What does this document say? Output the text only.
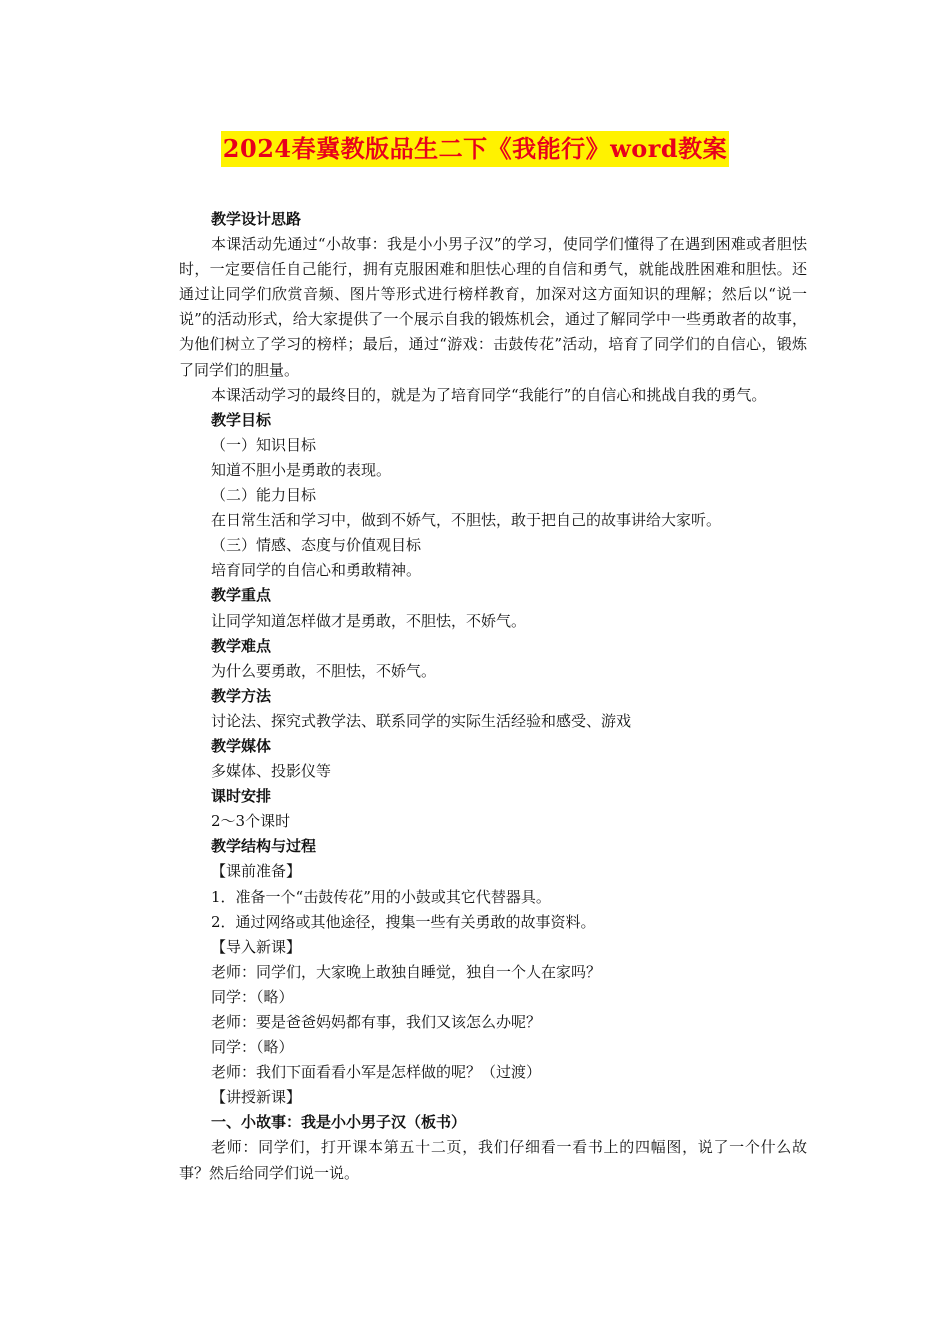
2024春冀教版品生二下《我能行》word教案

教学设计思路

本课活动先通过“小故事：我是小小男子汉”的学习，使同学们懂得了在遇到困难或者胆怯时，一定要信任自己能行，拥有克服困难和胆怯心理的自信和勇气，就能战胜困难和胆怯。还通过让同学们欣赏音频、图片等形式进行榜样教育，加深对这方面知识的理解；然后以“说一说”的活动形式，给大家提供了一个展示自我的锻炼机会，通过了解同学中一些勇敢者的故事，为他们树立了学习的榜样；最后，通过“游戏：击鼓传花”活动，培育了同学们的自信心，锻炼了同学们的胆量。

本课活动学习的最终目的，就是为了培育同学“我能行”的自信心和挑战自我的勇气。

教学目标

（一）知识目标

知道不胆小是勇敢的表现。

（二）能力目标

在日常生活和学习中，做到不娇气，不胆怯，敢于把自己的故事讲给大家听。

（三）情感、态度与价值观目标

培育同学的自信心和勇敢精神。

教学重点

让同学知道怎样做才是勇敢，不胆怯，不娇气。

教学难点

为什么要勇敢，不胆怯，不娇气。

教学方法

讨论法、探究式教学法、联系同学的实际生活经验和感受、游戏

教学媒体

多媒体、投影仪等

课时安排

2～3个课时

教学结构与过程

【课前准备】

1．准备一个“击鼓传花”用的小鼓或其它代替器具。

2．通过网络或其他途径，搜集一些有关勇敢的故事资料。

【导入新课】

老师：同学们，大家晚上敢独自睡觉，独自一个人在家吗？

同学：（略）

老师：要是爸爸妈妈都有事，我们又该怎么办呢？

同学：（略）

老师：我们下面看看小军是怎样做的呢？（过渡）

【讲授新课】

一、小故事：我是小小男子汉（板书）

老师：同学们，打开课本第五十二页，我们仔细看一看书上的四幅图，说了一个什么故事？然后给同学们说一说。
